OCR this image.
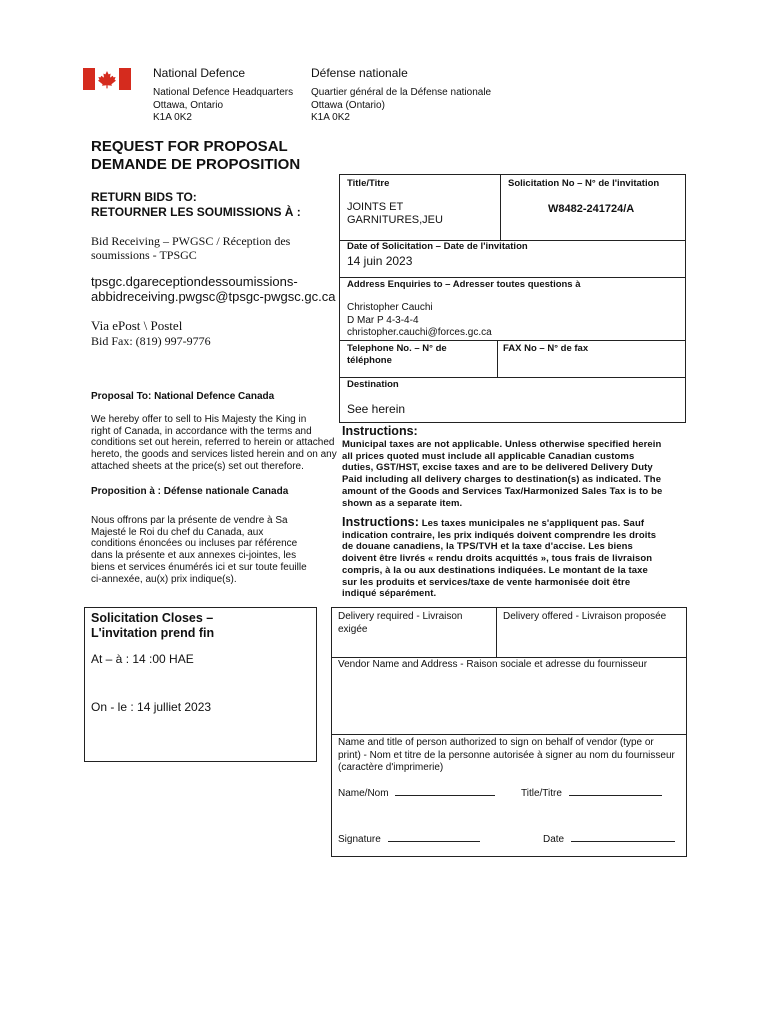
National Defence	Défense nationale
National Defence Headquarters
Ottawa, Ontario
K1A 0K2
Quartier général de la Défense nationale
Ottawa (Ontario)
K1A 0K2
REQUEST FOR PROPOSAL
DEMANDE DE PROPOSITION
RETURN BIDS TO:
RETOURNER LES SOUMISSIONS À :
Bid Receiving – PWGSC / Réception des
soumissions - TPSGC
tpsgc.dgareceptiondessoumissions-
abbidreceiving.pwgsc@tpsgc-pwgsc.gc.ca
Via ePost \ Postel
Bid Fax: (819) 997-9776
Proposal To: National Defence Canada
We hereby offer to sell to His Majesty the King in
right of Canada, in accordance with the terms and
conditions set out herein, referred to herein or attached
hereto, the goods and services listed herein and on any
attached sheets at the price(s) set out therefore.
Proposition à : Défense nationale Canada
Nous offrons par la présente de vendre à Sa
Majesté le Roi du chef du Canada, aux
conditions énoncées ou incluses par référence
dans la présente et aux annexes ci-jointes, les
biens et services énumérés ici et sur toute feuille
ci-annexée, au(x) prix indique(s).
Solicitation Closes –
L'invitation prend fin
At – à : 14 :00 HAE
On - le : 14 julliet 2023
Title/Titre
JOINTS ET
GARNITURES,JEU
Solicitation No – N° de l'invitation
W8482-241724/A
Date of Solicitation – Date de l'invitation
14 juin 2023
Address Enquiries to – Adresser toutes questions à
Christopher Cauchi
D Mar P 4-3-4-4
christopher.cauchi@forces.gc.ca
Telephone No. – N° de
téléphone
FAX No – N° de fax
Destination
See herein
Instructions:
Municipal taxes are not applicable. Unless otherwise specified herein
all prices quoted must include all applicable Canadian customs
duties, GST/HST, excise taxes and are to be delivered Delivery Duty
Paid including all delivery charges to destination(s) as indicated. The
amount of the Goods and Services Tax/Harmonized Sales Tax is to be
shown as a separate item.
Instructions: Les taxes municipales ne s'appliquent pas. Sauf
indication contraire, les prix indiqués doivent comprendre les droits
de douane canadiens, la TPS/TVH et la taxe d'accise. Les biens
doivent être livrés « rendu droits acquittés », tous frais de livraison
compris, à la ou aux destinations indiquées. Le montant de la taxe
sur les produits et services/taxe de vente harmonisée doit être
indiqué séparément.
Delivery required - Livraison
exigée
Delivery offered - Livraison proposée
Vendor Name and Address - Raison sociale et adresse du fournisseur
Name and title of person authorized to sign on behalf of vendor (type or
print) - Nom et titre de la personne autorisée à signer au nom du fournisseur
(caractère d'imprimerie)
Name/Nom	Title/Titre
Signature	Date
